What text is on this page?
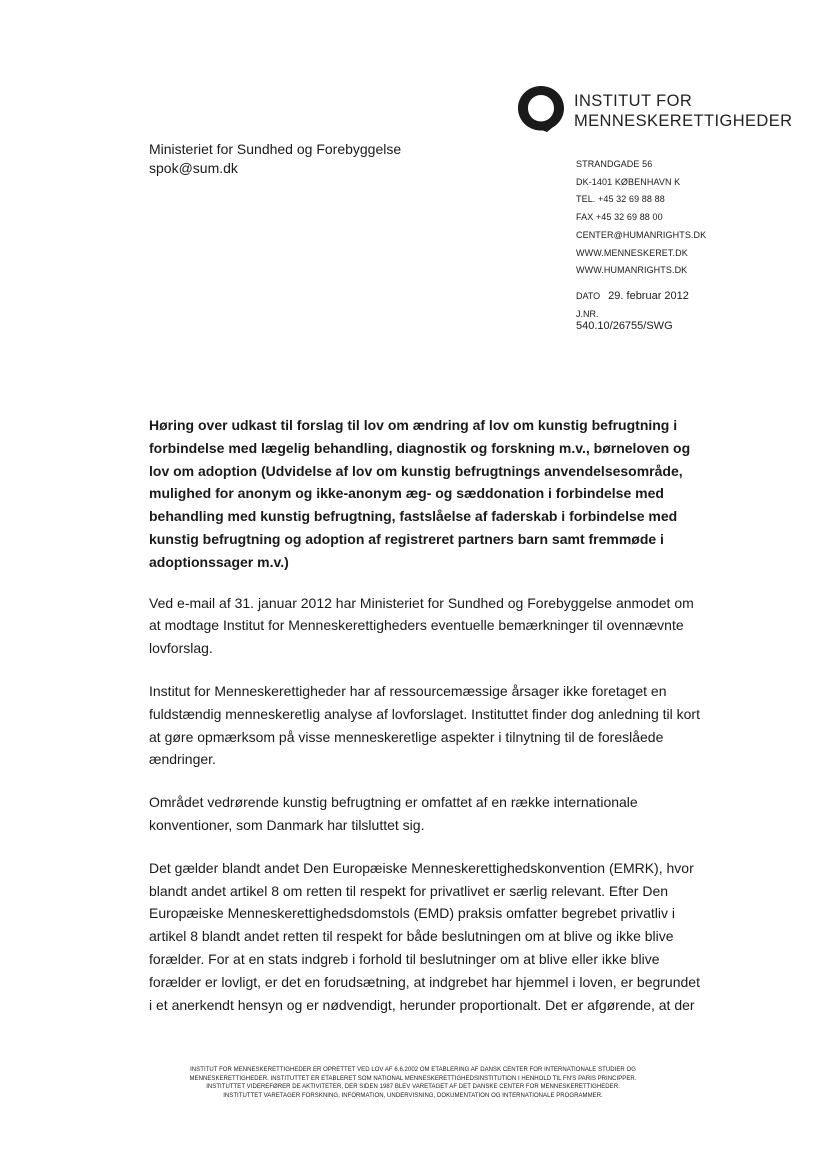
INSTITUT FOR
MENNESKERETTIGHEDER
Ministeriet for Sundhed og Forebyggelse
spok@sum.dk	STRANDGADE 56
DK-1401 KØBENHAVN K
TEL. +45 32 69 88 88
FAX +45 32 69 88 00
CENTER@HUMANRIGHTS.DK
WWW.MENNESKERET.DK
WWW.HUMANRIGHTS.DK
DATO 29. februar 2012
J.NR.
540.10/26755/SWG
Høring over udkast til forslag til lov om ændring af lov om kunstig befrugtning i
forbindelse med lægelig behandling, diagnostik og forskning m.v., børneloven og
lov om adoption (Udvidelse af lov om kunstig befrugtnings anvendelsesområde,
mulighed for anonym og ikke-anonym æg- og sæddonation i forbindelse med
behandling med kunstig befrugtning, fastslåelse af faderskab i forbindelse med
kunstig befrugtning og adoption af registreret partners barn samt fremmøde i
adoptionssager m.v.)
Ved e-mail af 31. januar 2012 har Ministeriet for Sundhed og Forebyggelse anmodet om
at modtage Institut for Menneskerettigheders eventuelle bemærkninger til ovennævnte
lovforslag.
Institut for Menneskerettigheder har af ressourcemæssige årsager ikke foretaget en
fuldstændig menneskeretlig analyse af lovforslaget. Instituttet finder dog anledning til kort
at gøre opmærksom på visse menneskeretlige aspekter i tilnytning til de foreslåede
ændringer.
Området vedrørende kunstig befrugtning er omfattet af en række internationale
konventioner, som Danmark har tilsluttet sig.
Det gælder blandt andet Den Europæiske Menneskerettighedskonvention (EMRK), hvor
blandt andet artikel 8 om retten til respekt for privatlivet er særlig relevant. Efter Den
Europæiske Menneskerettighedsdomstols (EMD) praksis omfatter begrebet privatliv i
artikel 8 blandt andet retten til respekt for både beslutningen om at blive og ikke blive
forælder. For at en stats indgreb i forhold til beslutninger om at blive eller ikke blive
forælder er lovligt, er det en forudsætning, at indgrebet har hjemmel i loven, er begrundet
i et anerkendt hensyn og er nødvendigt, herunder proportionalt. Det er afgørende, at der
INSTITUT FOR MENNESKERETTIGHEDER ER OPRETTET VED LOV AF 6.6.2002 OM ETABLERING AF DANSK CENTER FOR INTERNATIONALE STUDIER OG
MENNESKERETTIGHEDER. INSTITUTTET ER ETABLERET SOM NATIONAL MENNESKERETTIGHEDSINSTITUTION I HENHOLD TIL FN'S PARIS PRINCIPPER.
INSTITUTTET VIDEREFØRER DE AKTIVITETER, DER SIDEN 1987 BLEV VARETAGET AF DET DANSKE CENTER FOR MENNESKERETTIGHEDER.
INSTITUTTET VARETAGER FORSKNING, INFORMATION, UNDERVISNING, DOKUMENTATION OG INTERNATIONALE PROGRAMMER.
